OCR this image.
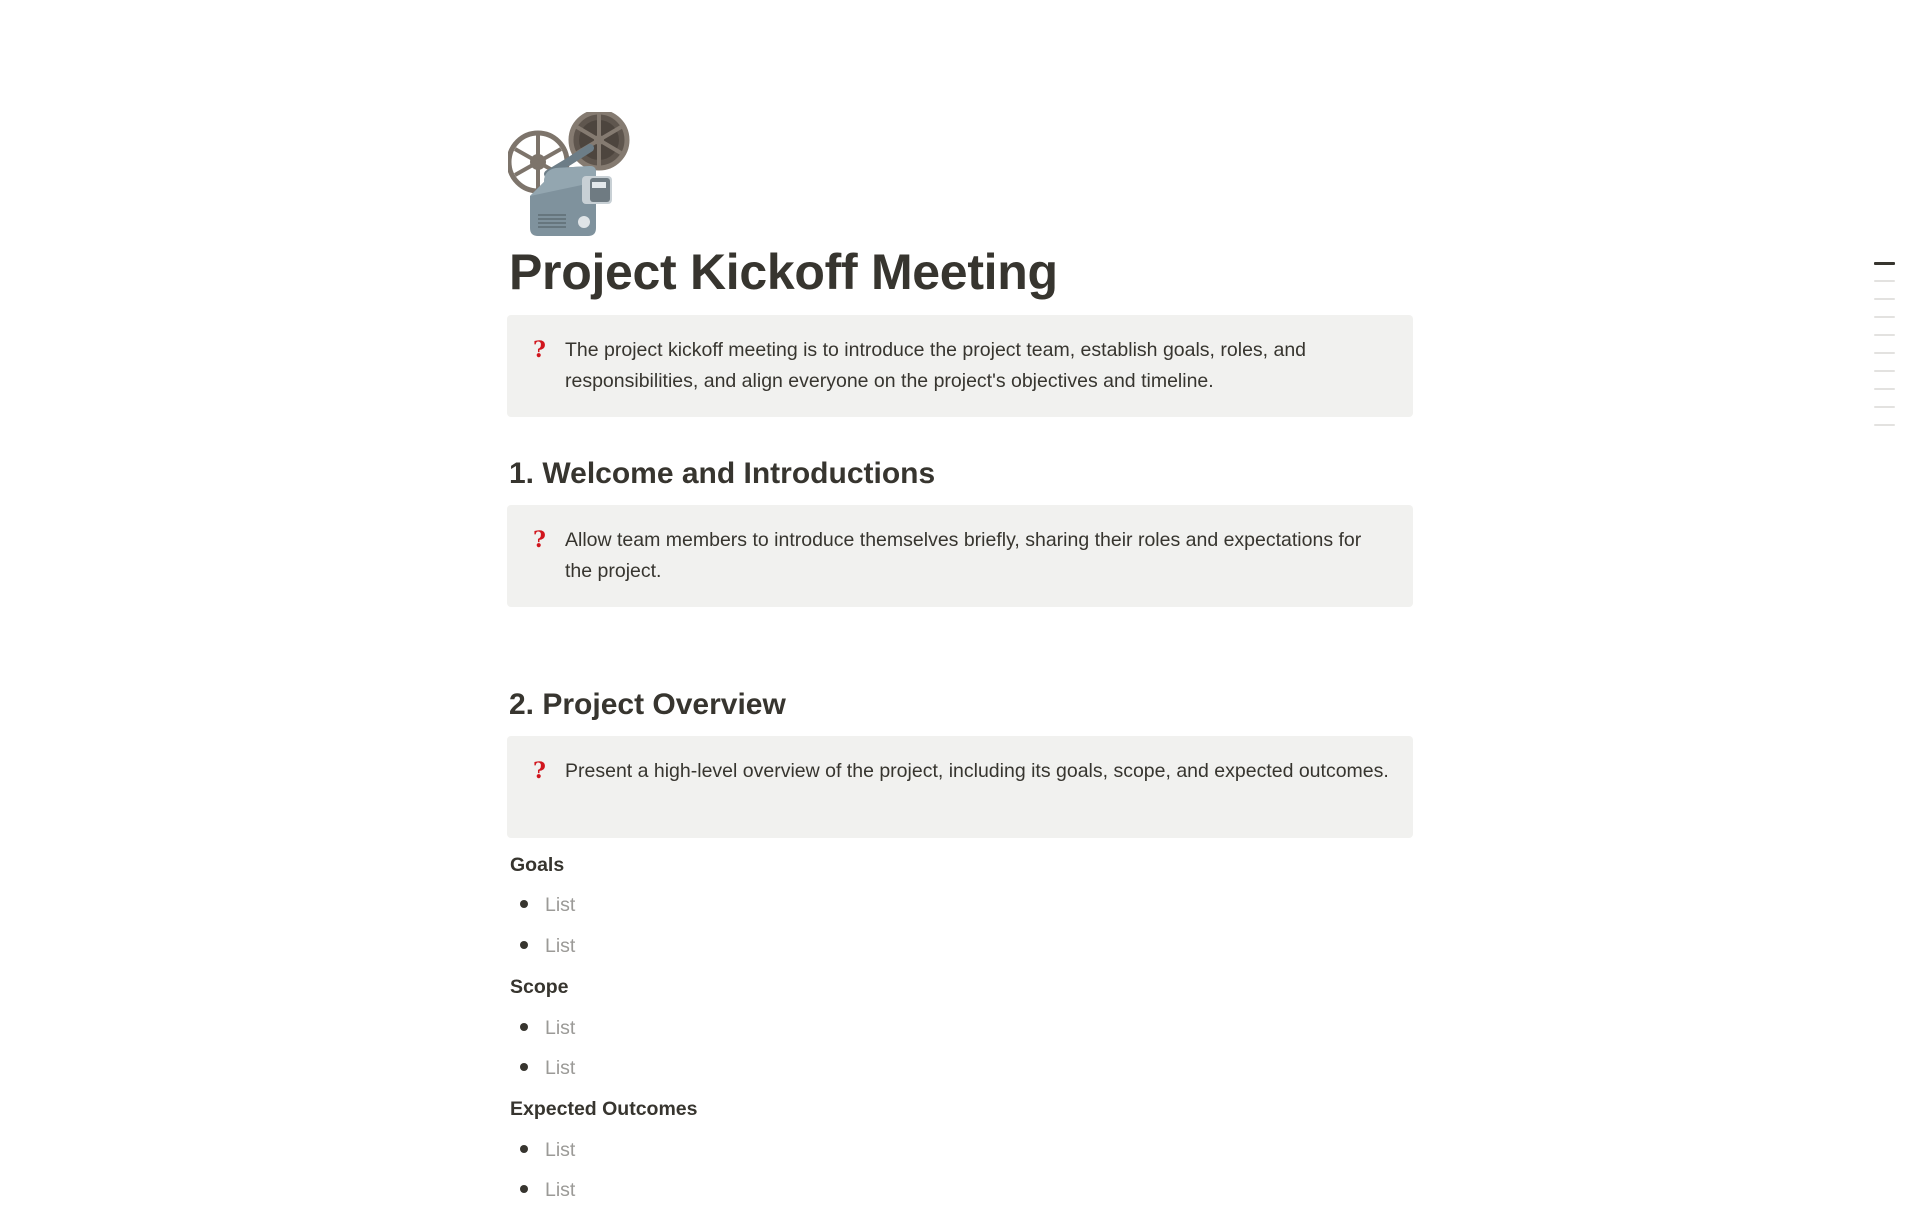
Project Kickoff Meeting
? The project kickoff meeting is to introduce the project team, establish goals, roles, and responsibilities, and align everyone on the project's objectives and timeline.
1. Welcome and Introductions
? Allow team members to introduce themselves briefly, sharing their roles and expectations for the project.
2. Project Overview
? Present a high-level overview of the project, including its goals, scope, and expected outcomes.
Goals
List
List
Scope
List
List
Expected Outcomes
List
List
